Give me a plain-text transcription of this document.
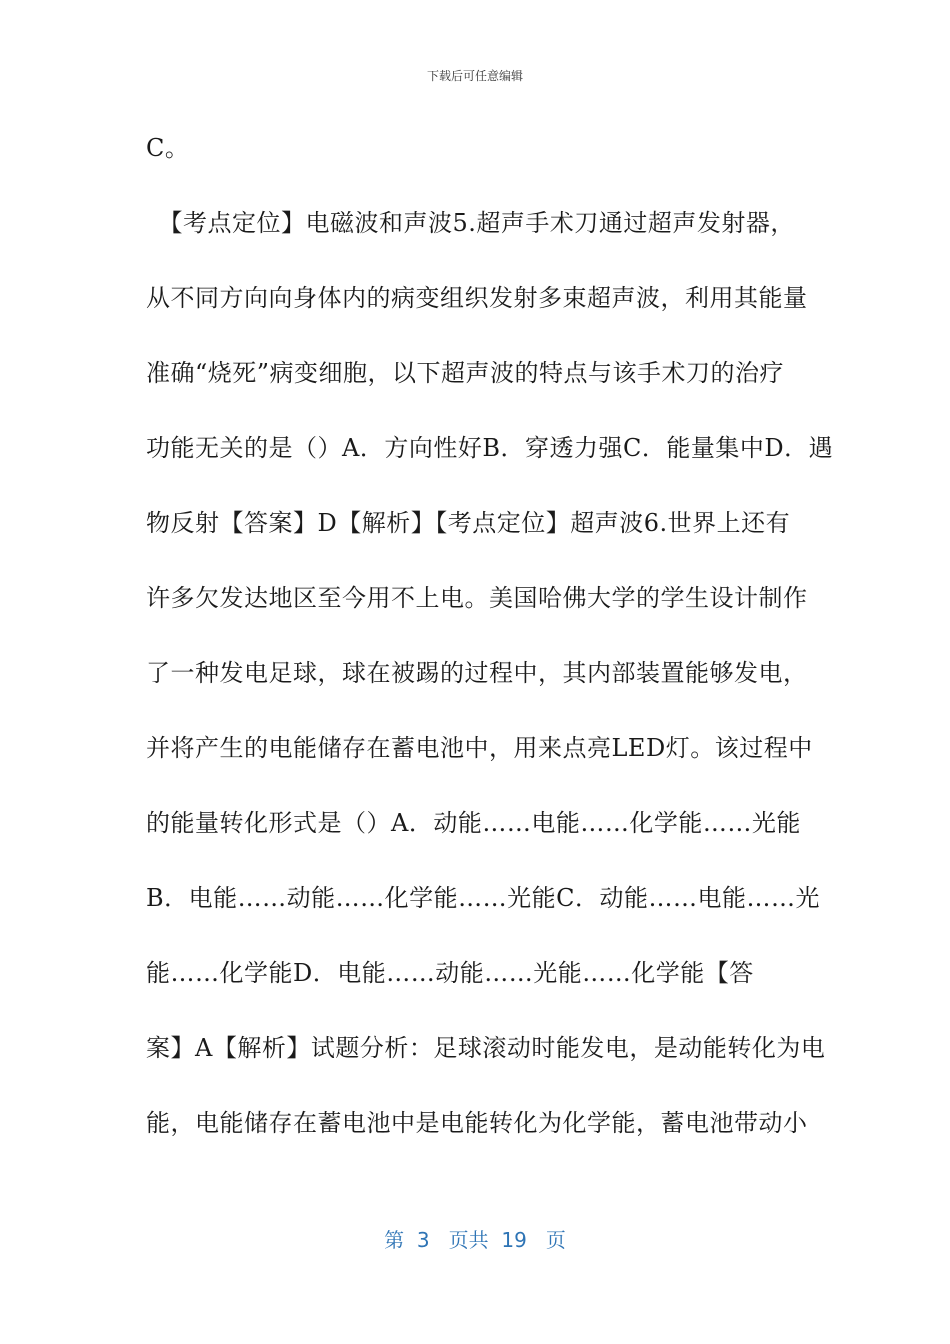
下载后可任意编辑
C。
　【考点定位】电磁波和声波5.超声手术刀通过超声发射器，
从不同方向向身体内的病变组织发射多束超声波，利用其能量
准确“烧死”病变细胞，以下超声波的特点与该手术刀的治疗
功能无关的是（）A．方向性好B．穿透力强C．能量集中D．遇
物反射【答案】D【解析】【考点定位】超声波6.世界上还有
许多欠发达地区至今用不上电。美国哈佛大学的学生设计制作
了一种发电足球，球在被踢的过程中，其内部装置能够发电，
并将产生的电能储存在蓄电池中，用来点亮LED灯。该过程中
的能量转化形式是（）A．动能……电能……化学能……光能
B．电能……动能……化学能……光能C．动能……电能……光
能……化学能D．电能……动能……光能……化学能【答
案】A【解析】试题分析：足球滚动时能发电，是动能转化为电
能，电能储存在蓄电池中是电能转化为化学能，蓄电池带动小
第 3 页共 19 页
